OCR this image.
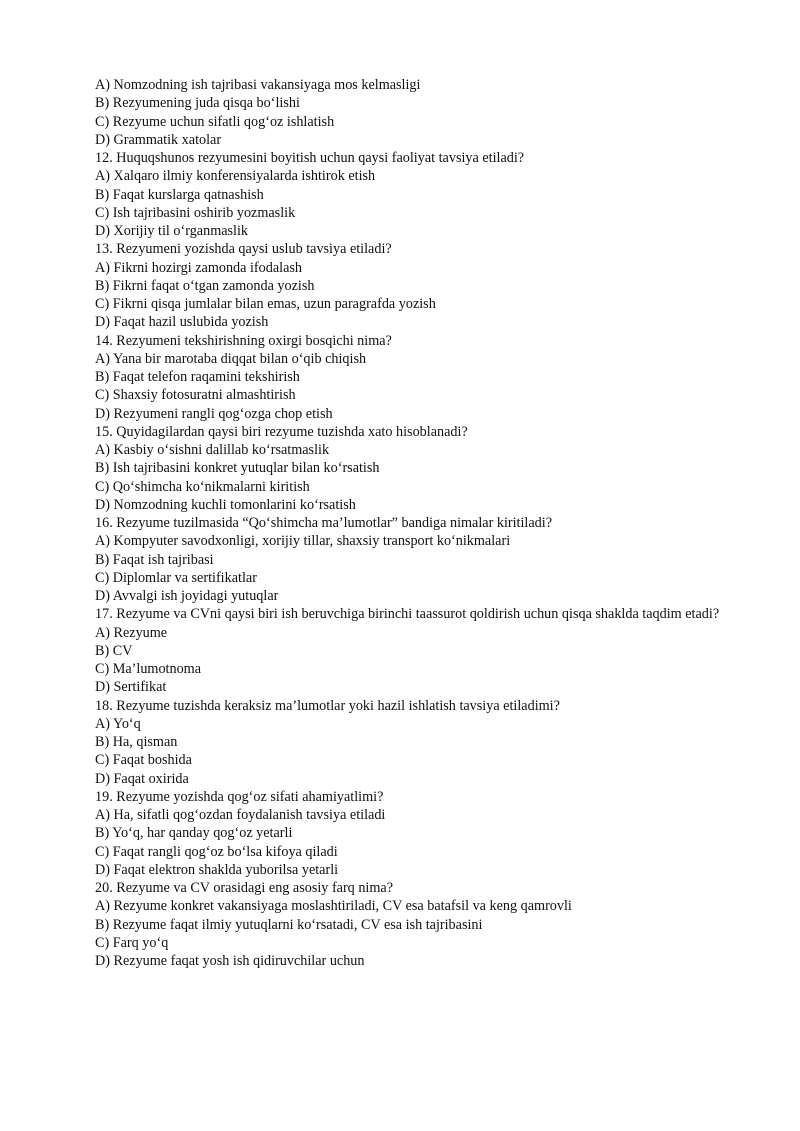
A) Nomzodning ish tajribasi vakansiyaga mos kelmasligi

B) Rezyumening juda qisqa bo‘lishi

C) Rezyume uchun sifatli qog‘oz ishlatish

D) Grammatik xatolar

12. Huquqshunos rezyumesini boyitish uchun qaysi faoliyat tavsiya etiladi?

A) Xalqaro ilmiy konferensiyalarda ishtirok etish

B) Faqat kurslarga qatnashish

C) Ish tajribasini oshirib yozmaslik

D) Xorijiy til o‘rganmaslik

13. Rezyumeni yozishda qaysi uslub tavsiya etiladi?

A) Fikrni hozirgi zamonda ifodalash

B) Fikrni faqat o‘tgan zamonda yozish

C) Fikrni qisqa jumlalar bilan emas, uzun paragrafda yozish

D) Faqat hazil uslubida yozish

14. Rezyumeni tekshirishning oxirgi bosqichi nima?

A) Yana bir marotaba diqqat bilan o‘qib chiqish

B) Faqat telefon raqamini tekshirish

C) Shaxsiy fotosuratni almashtirish

D) Rezyumeni rangli qog‘ozga chop etish

15. Quyidagilardan qaysi biri rezyume tuzishda xato hisoblanadi?

A) Kasbiy o‘sishni dalillab ko‘rsatmaslik

B) Ish tajribasini konkret yutuqlar bilan ko‘rsatish

C) Qo‘shimcha ko‘nikmalarni kiritish

D) Nomzodning kuchli tomonlarini ko‘rsatish

16. Rezyume tuzilmasida “Qo‘shimcha ma’lumotlar” bandiga nimalar kiritiladi?

A) Kompyuter savodxonligi, xorijiy tillar, shaxsiy transport ko‘nikmalari

B) Faqat ish tajribasi

C) Diplomlar va sertifikatlar

D) Avvalgi ish joyidagi yutuqlar

17. Rezyume va CVni qaysi biri ish beruvchiga birinchi taassurot qoldirish uchun qisqa shaklda taqdim etadi?

A) Rezyume

B) CV

C) Ma’lumotnoma

D) Sertifikat

18. Rezyume tuzishda keraksiz ma’lumotlar yoki hazil ishlatish tavsiya etiladimi?

A) Yo‘q

B) Ha, qisman

C) Faqat boshida

D) Faqat oxirida

19. Rezyume yozishda qog‘oz sifati ahamiyatlimi?

A) Ha, sifatli qog‘ozdan foydalanish tavsiya etiladi

B) Yo‘q, har qanday qog‘oz yetarli

C) Faqat rangli qog‘oz bo‘lsa kifoya qiladi

D) Faqat elektron shaklda yuborilsa yetarli

20. Rezyume va CV orasidagi eng asosiy farq nima?

A) Rezyume konkret vakansiyaga moslashtiriladi, CV esa batafsil va keng qamrovli

B) Rezyume faqat ilmiy yutuqlarni ko‘rsatadi, CV esa ish tajribasini

C) Farq yo‘q

D) Rezyume faqat yosh ish qidiruvchilar uchun
